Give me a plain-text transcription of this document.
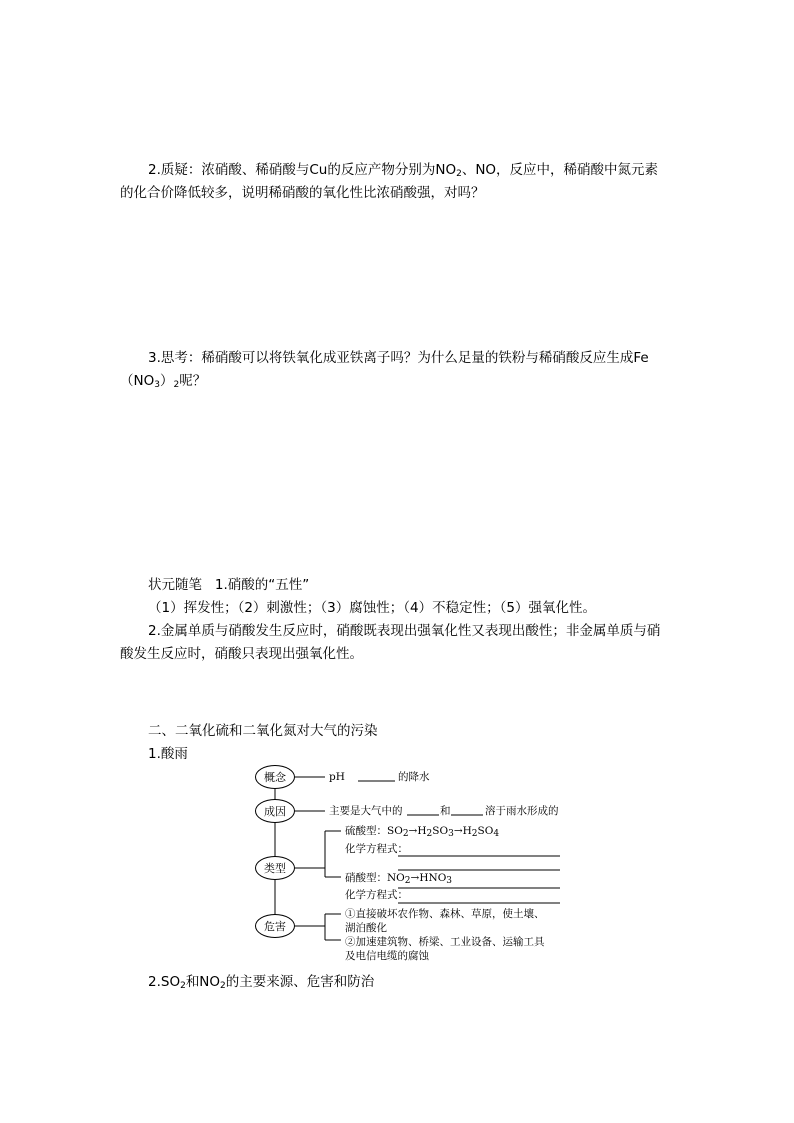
2.质疑：浓硝酸、稀硝酸与Cu的反应产物分别为$NO_2$、NO，反应中，稀硝酸中氮元素
的化合价降低较多，说明稀硝酸的氧化性比浓硝酸强，对吗？
3.思考：稀硝酸可以将铁氧化成亚铁离子吗？为什么足量的铁粉与稀硝酸反应生成Fe
$(NO_3)_2$呢？
状元随笔 1.硝酸的“五性”
（1）挥发性；（2）刺激性；（3）腐蚀性；（4）不稳定性；（5）强氧化性。
2.金属单质与硝酸发生反应时，硝酸既表现出强氧化性又表现出酸性；非金属单质与硝
酸发生反应时，硝酸只表现出强氧化性。
二、二氧化硫和二氧化氮对大气的污染
1.酸雨
概念
成因
类型
危害
pH	的降水
主要是大气中的	和	溶于雨水形成的
硫酸型：$SO_2\to H_2SO_3\to H_2SO_4$
化学方程式：
硝酸型：$NO_2\to HNO_3$
化学方程式：
①直接破坏农作物、森林、草原，使土壤、
湖泊酸化
②加速建筑物、桥梁、工业设备、运输工具
及电信电缆的腐蚀
$2.SO_2$和$NO_2$的主要来源、危害和防治
